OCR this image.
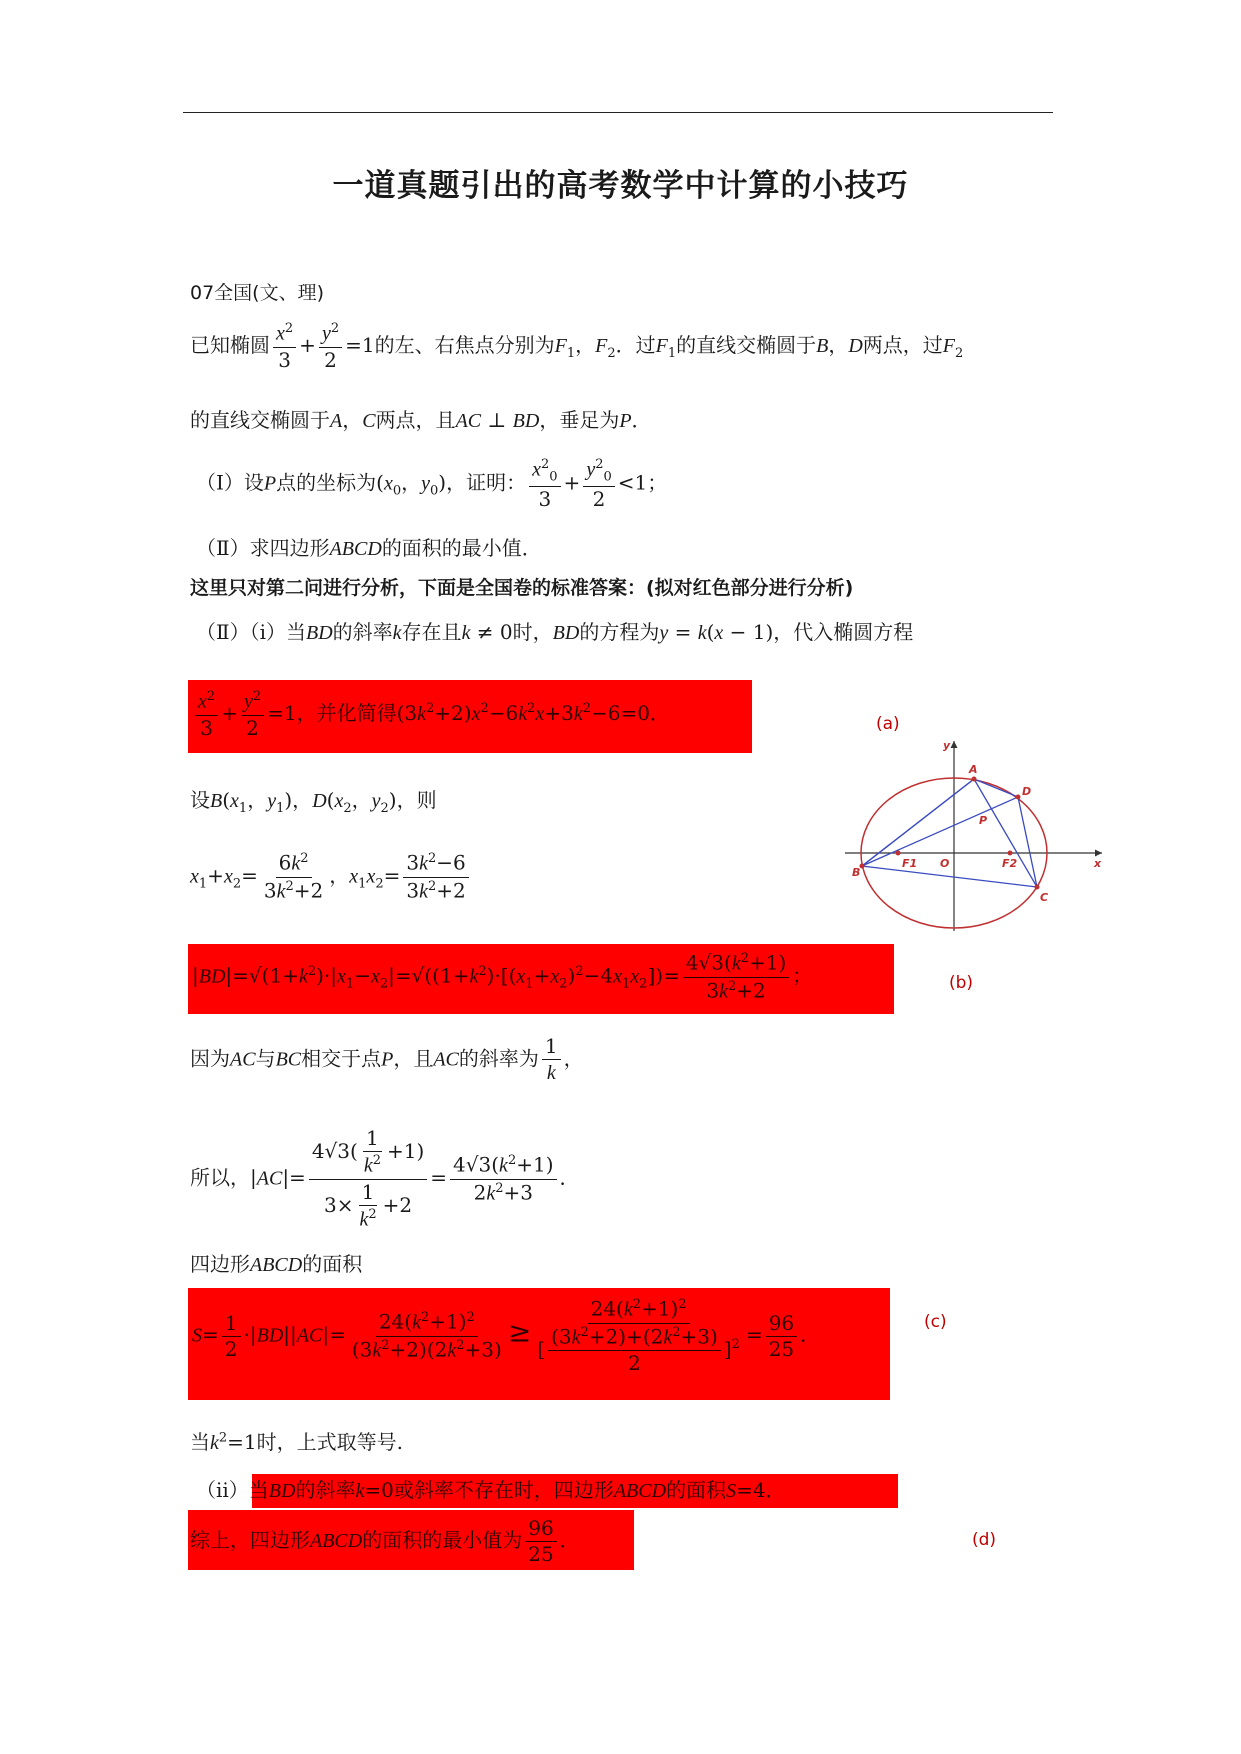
一道真题引出的高考数学中计算的小技巧
07全国(文、理)
已知椭圆 $\frac{x^2}{3} + \frac{y^2}{2} =1$的左、右焦点分别为$F_1$，$F_2$．过$F_1$的直线交椭圆于B，D两点，过$F_2$
的直线交椭圆于A，C两点，且AC ⊥ BD，垂足为P．
（Ⅰ）设P点的坐标为($x_0$，$y_0$)，证明： $\frac{x^2_0}{3} + \frac{y^2_0}{2} <1$；
（Ⅱ）求四边形ABCD的面积的最小值．
这里只对第二问进行分析，下面是全国卷的标准答案：(拟对红色部分进行分析)
（Ⅱ）（ⅰ）当BD的斜率k存在且k ≠ 0时，BD的方程为y = k(x − 1)，代入椭圆方程
$\frac{x^2}{3} + \frac{y^2}{2} =1$，并化简得$(3k^2+2)x^2-6k^2x+3k^2-6=0$．	(a)
设$B(x_1$，$y_1$)，$D(x_2$，$y_2$)，则
$x_1+x_2= \frac{6k^2}{3k^2+2}$ ，$x_1x_2= \frac{3k^2-6}{3k^2+2}$
$|BD|=√(1+k^2)\cdot|x_1-x_2|=√((1+k^2)\cdot[(x_1+x_2)^2-4x_1x_2])= \frac{4√3(k^2+1)}{3k^2+2}$ ；	(b)
因为AC与BC相交于点P，且AC的斜率为 $\frac{1}{k}$ ，
所以，$|AC|= \frac{4√3( \frac{1}{k^2} +1)}{3\times \frac{1}{k^2} +2} = \frac{4√3(k^2+1)}{2k^2+3}$ ．
四边形ABCD的面积
$S= \frac{1}{2} \cdot|BD||AC|= \frac{24(k^2+1)^2}{(3k^2+2)(2k^2+3)} \ge \frac{24(k^2+1)^2}{[ \frac{(3k^2+2)+(2k^2+3)}{2} ]^2} = \frac{96}{25}$ ．
(c)
当$k^2=1$时，上式取等号.
（ⅱ）当BD的斜率k=0或斜率不存在时，四边形ABCD的面积S=4．
综上，四边形ABCD的面积的最小值为 $\frac{96}{25}$ ．	(d)
A
D
P
B
F1 O	F2
C
x
y
